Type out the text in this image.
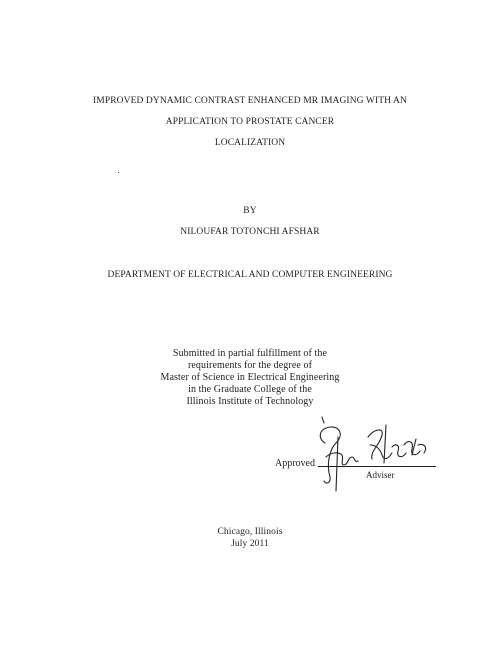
IMPROVED DYNAMIC CONTRAST ENHANCED MR IMAGING WITH AN
APPLICATION TO PROSTATE CANCER
LOCALIZATION
BY
NILOUFAR TOTONCHI AFSHAR
DEPARTMENT OF ELECTRICAL AND COMPUTER ENGINEERING
Submitted in partial fulfillment of the
requirements for the degree of
Master of Science in Electrical Engineering
in the Graduate College of the
Illinois Institute of Technology
Approved
Adviser
Chicago, Illinois
July 2011
